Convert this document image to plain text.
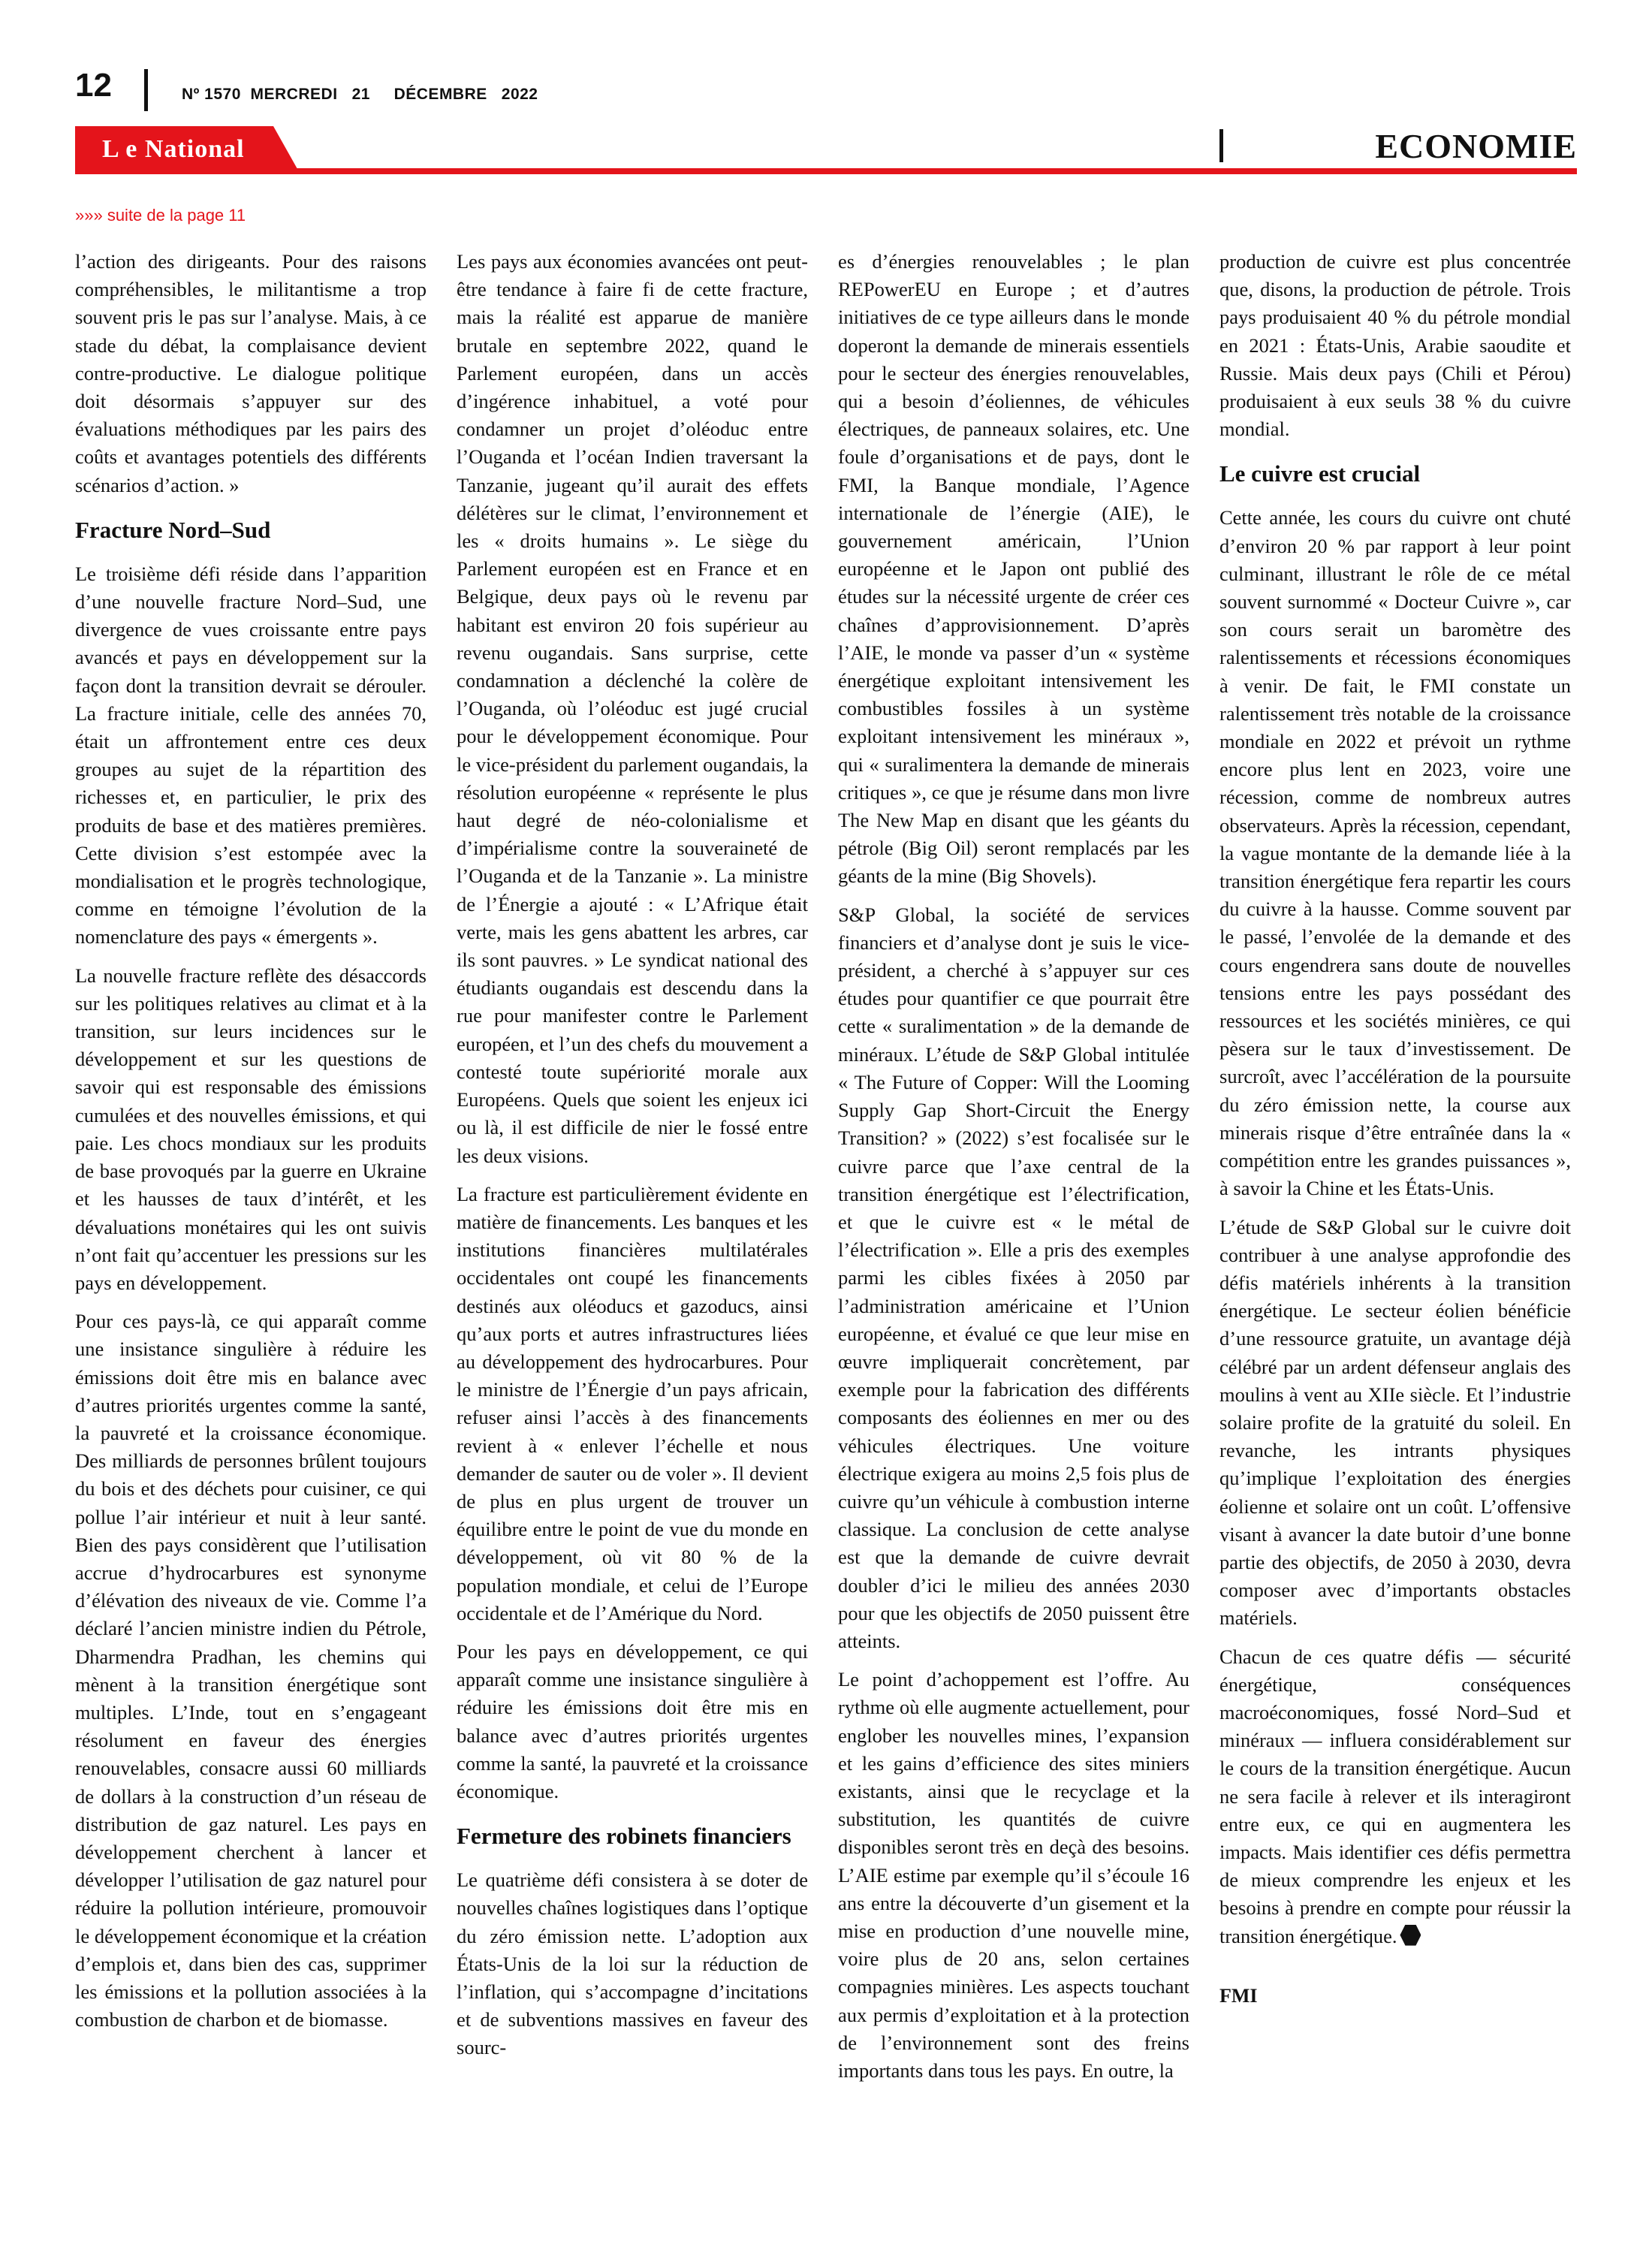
12	Nº 1570  MERCREDI   21     DÉCEMBRE   2022
L e National	ECONOMIE
»»» suite de la page 11

l’action des dirigeants. Pour des raisons compréhensibles, le militantisme a trop souvent pris le pas sur l’analyse. Mais, à ce stade du débat, la complaisance devient contre-productive. Le dialogue politique doit désormais s’appuyer sur des évaluations méthodiques par les pairs des coûts et avantages potentiels des différents scénarios d’action. »

Fracture Nord–Sud

Le troisième défi réside dans l’apparition d’une nouvelle fracture Nord–Sud, une divergence de vues croissante entre pays avancés et pays en développement sur la façon dont la transition devrait se dérouler. La fracture initiale, celle des années 70, était un affrontement entre ces deux groupes au sujet de la répartition des richesses et, en particulier, le prix des produits de base et des matières premières. Cette division s’est estompée avec la mondialisation et le progrès technologique, comme en témoigne l’évolution de la nomenclature des pays « émergents ».

La nouvelle fracture reflète des désaccords sur les politiques relatives au climat et à la transition, sur leurs incidences sur le développement et sur les questions de savoir qui est responsable des émissions cumulées et des nouvelles émissions, et qui paie. Les chocs mondiaux sur les produits de base provoqués par la guerre en Ukraine et les hausses de taux d’intérêt, et les dévaluations monétaires qui les ont suivis n’ont fait qu’accentuer les pressions sur les pays en développement.

Pour ces pays-là, ce qui apparaît comme une insistance singulière à réduire les émissions doit être mis en balance avec d’autres priorités urgentes comme la santé, la pauvreté et la croissance économique. Des milliards de personnes brûlent toujours du bois et des déchets pour cuisiner, ce qui pollue l’air intérieur et nuit à leur santé. Bien des pays considèrent que l’utilisation accrue d’hydrocarbures est synonyme d’élévation des niveaux de vie. Comme l’a déclaré l’ancien ministre indien du Pétrole, Dharmendra Pradhan, les chemins qui mènent à la transition énergétique sont multiples. L’Inde, tout en s’engageant résolument en faveur des énergies renouvelables, consacre aussi 60 milliards de dollars à la construction d’un réseau de distribution de gaz naturel. Les pays en développement cherchent à lancer et développer l’utilisation de gaz naturel pour réduire la pollution intérieure, promouvoir le développement économique et la création d’emplois et, dans bien des cas, supprimer les émissions et la pollution associées à la combustion de charbon et de biomasse.

Les pays aux économies avancées ont peut-être tendance à faire fi de cette fracture, mais la réalité est apparue de manière brutale en septembre 2022, quand le Parlement européen, dans un accès d’ingérence inhabituel, a voté pour condamner un projet d’oléoduc entre l’Ouganda et l’océan Indien traversant la Tanzanie, jugeant qu’il aurait des effets délétères sur le climat, l’environnement et les « droits humains ». Le siège du Parlement européen est en France et en Belgique, deux pays où le revenu par habitant est environ 20 fois supérieur au revenu ougandais. Sans surprise, cette condamnation a déclenché la colère de l’Ouganda, où l’oléoduc est jugé crucial pour le développement économique. Pour le vice-président du parlement ougandais, la résolution européenne « représente le plus haut degré de néo-colonialisme et d’impérialisme contre la souveraineté de l’Ouganda et de la Tanzanie ». La ministre de l’Énergie a ajouté : « L’Afrique était verte, mais les gens abattent les arbres, car ils sont pauvres. » Le syndicat national des étudiants ougandais est descendu dans la rue pour manifester contre le Parlement européen, et l’un des chefs du mouvement a contesté toute supériorité morale aux Européens. Quels que soient les enjeux ici ou là, il est difficile de nier le fossé entre les deux visions.

La fracture est particulièrement évidente en matière de financements. Les banques et les institutions financières multilatérales occidentales ont coupé les financements destinés aux oléoducs et gazoducs, ainsi qu’aux ports et autres infrastructures liées au développement des hydrocarbures. Pour le ministre de l’Énergie d’un pays africain, refuser ainsi l’accès à des financements revient à « enlever l’échelle et nous demander de sauter ou de voler ». Il devient de plus en plus urgent de trouver un équilibre entre le point de vue du monde en développement, où vit 80 % de la population mondiale, et celui de l’Europe occidentale et de l’Amérique du Nord.

Pour les pays en développement, ce qui apparaît comme une insistance singulière à réduire les émissions doit être mis en balance avec d’autres priorités urgentes comme la santé, la pauvreté et la croissance économique.

Fermeture des robinets financiers

Le quatrième défi consistera à se doter de nouvelles chaînes logistiques dans l’optique du zéro émission nette. L’adoption aux États-Unis de la loi sur la réduction de l’inflation, qui s’accompagne d’incitations et de subventions massives en faveur des sourc-

es d’énergies renouvelables ; le plan REPowerEU en Europe ; et d’autres initiatives de ce type ailleurs dans le monde doperont la demande de minerais essentiels pour le secteur des énergies renouvelables, qui a besoin d’éoliennes, de véhicules électriques, de panneaux solaires, etc. Une foule d’organisations et de pays, dont le FMI, la Banque mondiale, l’Agence internationale de l’énergie (AIE), le gouvernement américain, l’Union européenne et le Japon ont publié des études sur la nécessité urgente de créer ces chaînes d’approvisionnement. D’après l’AIE, le monde va passer d’un « système énergétique exploitant intensivement les combustibles fossiles à un système exploitant intensivement les minéraux », qui « suralimentera la demande de minerais critiques », ce que je résume dans mon livre The New Map en disant que les géants du pétrole (Big Oil) seront remplacés par les géants de la mine (Big Shovels).

S&P Global, la société de services financiers et d’analyse dont je suis le vice-président, a cherché à s’appuyer sur ces études pour quantifier ce que pourrait être cette « suralimentation » de la demande de minéraux. L’étude de S&P Global intitulée « The Future of Copper: Will the Looming Supply Gap Short-Circuit the Energy Transition? » (2022) s’est focalisée sur le cuivre parce que l’axe central de la transition énergétique est l’électrification, et que le cuivre est « le métal de l’électrification ». Elle a pris des exemples parmi les cibles fixées à 2050 par l’administration américaine et l’Union européenne, et évalué ce que leur mise en œuvre impliquerait concrètement, par exemple pour la fabrication des différents composants des éoliennes en mer ou des véhicules électriques. Une voiture électrique exigera au moins 2,5 fois plus de cuivre qu’un véhicule à combustion interne classique. La conclusion de cette analyse est que la demande de cuivre devrait doubler d’ici le milieu des années 2030 pour que les objectifs de 2050 puissent être atteints.

Le point d’achoppement est l’offre. Au rythme où elle augmente actuellement, pour englober les nouvelles mines, l’expansion et les gains d’efficience des sites miniers existants, ainsi que le recyclage et la substitution, les quantités de cuivre disponibles seront très en deçà des besoins. L’AIE estime par exemple qu’il s’écoule 16 ans entre la découverte d’un gisement et la mise en production d’une nouvelle mine, voire plus de 20 ans, selon certaines compagnies minières. Les aspects touchant aux permis d’exploitation et à la protection de l’environnement sont des freins importants dans tous les pays. En outre, la

production de cuivre est plus concentrée que, disons, la production de pétrole. Trois pays produisaient 40 % du pétrole mondial en 2021 : États-Unis, Arabie saoudite et Russie. Mais deux pays (Chili et Pérou) produisaient à eux seuls 38 % du cuivre mondial.

Le cuivre est crucial

Cette année, les cours du cuivre ont chuté d’environ 20 % par rapport à leur point culminant, illustrant le rôle de ce métal souvent surnommé « Docteur Cuivre », car son cours serait un baromètre des ralentissements et récessions économiques à venir. De fait, le FMI constate un ralentissement très notable de la croissance mondiale en 2022 et prévoit un rythme encore plus lent en 2023, voire une récession, comme de nombreux autres observateurs. Après la récession, cependant, la vague montante de la demande liée à la transition énergétique fera repartir les cours du cuivre à la hausse. Comme souvent par le passé, l’envolée de la demande et des cours engendrera sans doute de nouvelles tensions entre les pays possédant des ressources et les sociétés minières, ce qui pèsera sur le taux d’investissement. De surcroît, avec l’accélération de la poursuite du zéro émission nette, la course aux minerais risque d’être entraînée dans la « compétition entre les grandes puissances », à savoir la Chine et les États-Unis.

L’étude de S&P Global sur le cuivre doit contribuer à une analyse approfondie des défis matériels inhérents à la transition énergétique. Le secteur éolien bénéficie d’une ressource gratuite, un avantage déjà célébré par un ardent défenseur anglais des moulins à vent au XIIe siècle. Et l’industrie solaire profite de la gratuité du soleil. En revanche, les intrants physiques qu’implique l’exploitation des énergies éolienne et solaire ont un coût. L’offensive visant à avancer la date butoir d’une bonne partie des objectifs, de 2050 à 2030, devra composer avec d’importants obstacles matériels.

Chacun de ces quatre défis — sécurité énergétique, conséquences macroéconomiques, fossé Nord–Sud et minéraux — influera considérablement sur le cours de la transition énergétique. Aucun ne sera facile à relever et ils interagiront entre eux, ce qui en augmentera les impacts. Mais identifier ces défis permettra de mieux comprendre les enjeux et les besoins à prendre en compte pour réussir la transition énergétique.

FMI
